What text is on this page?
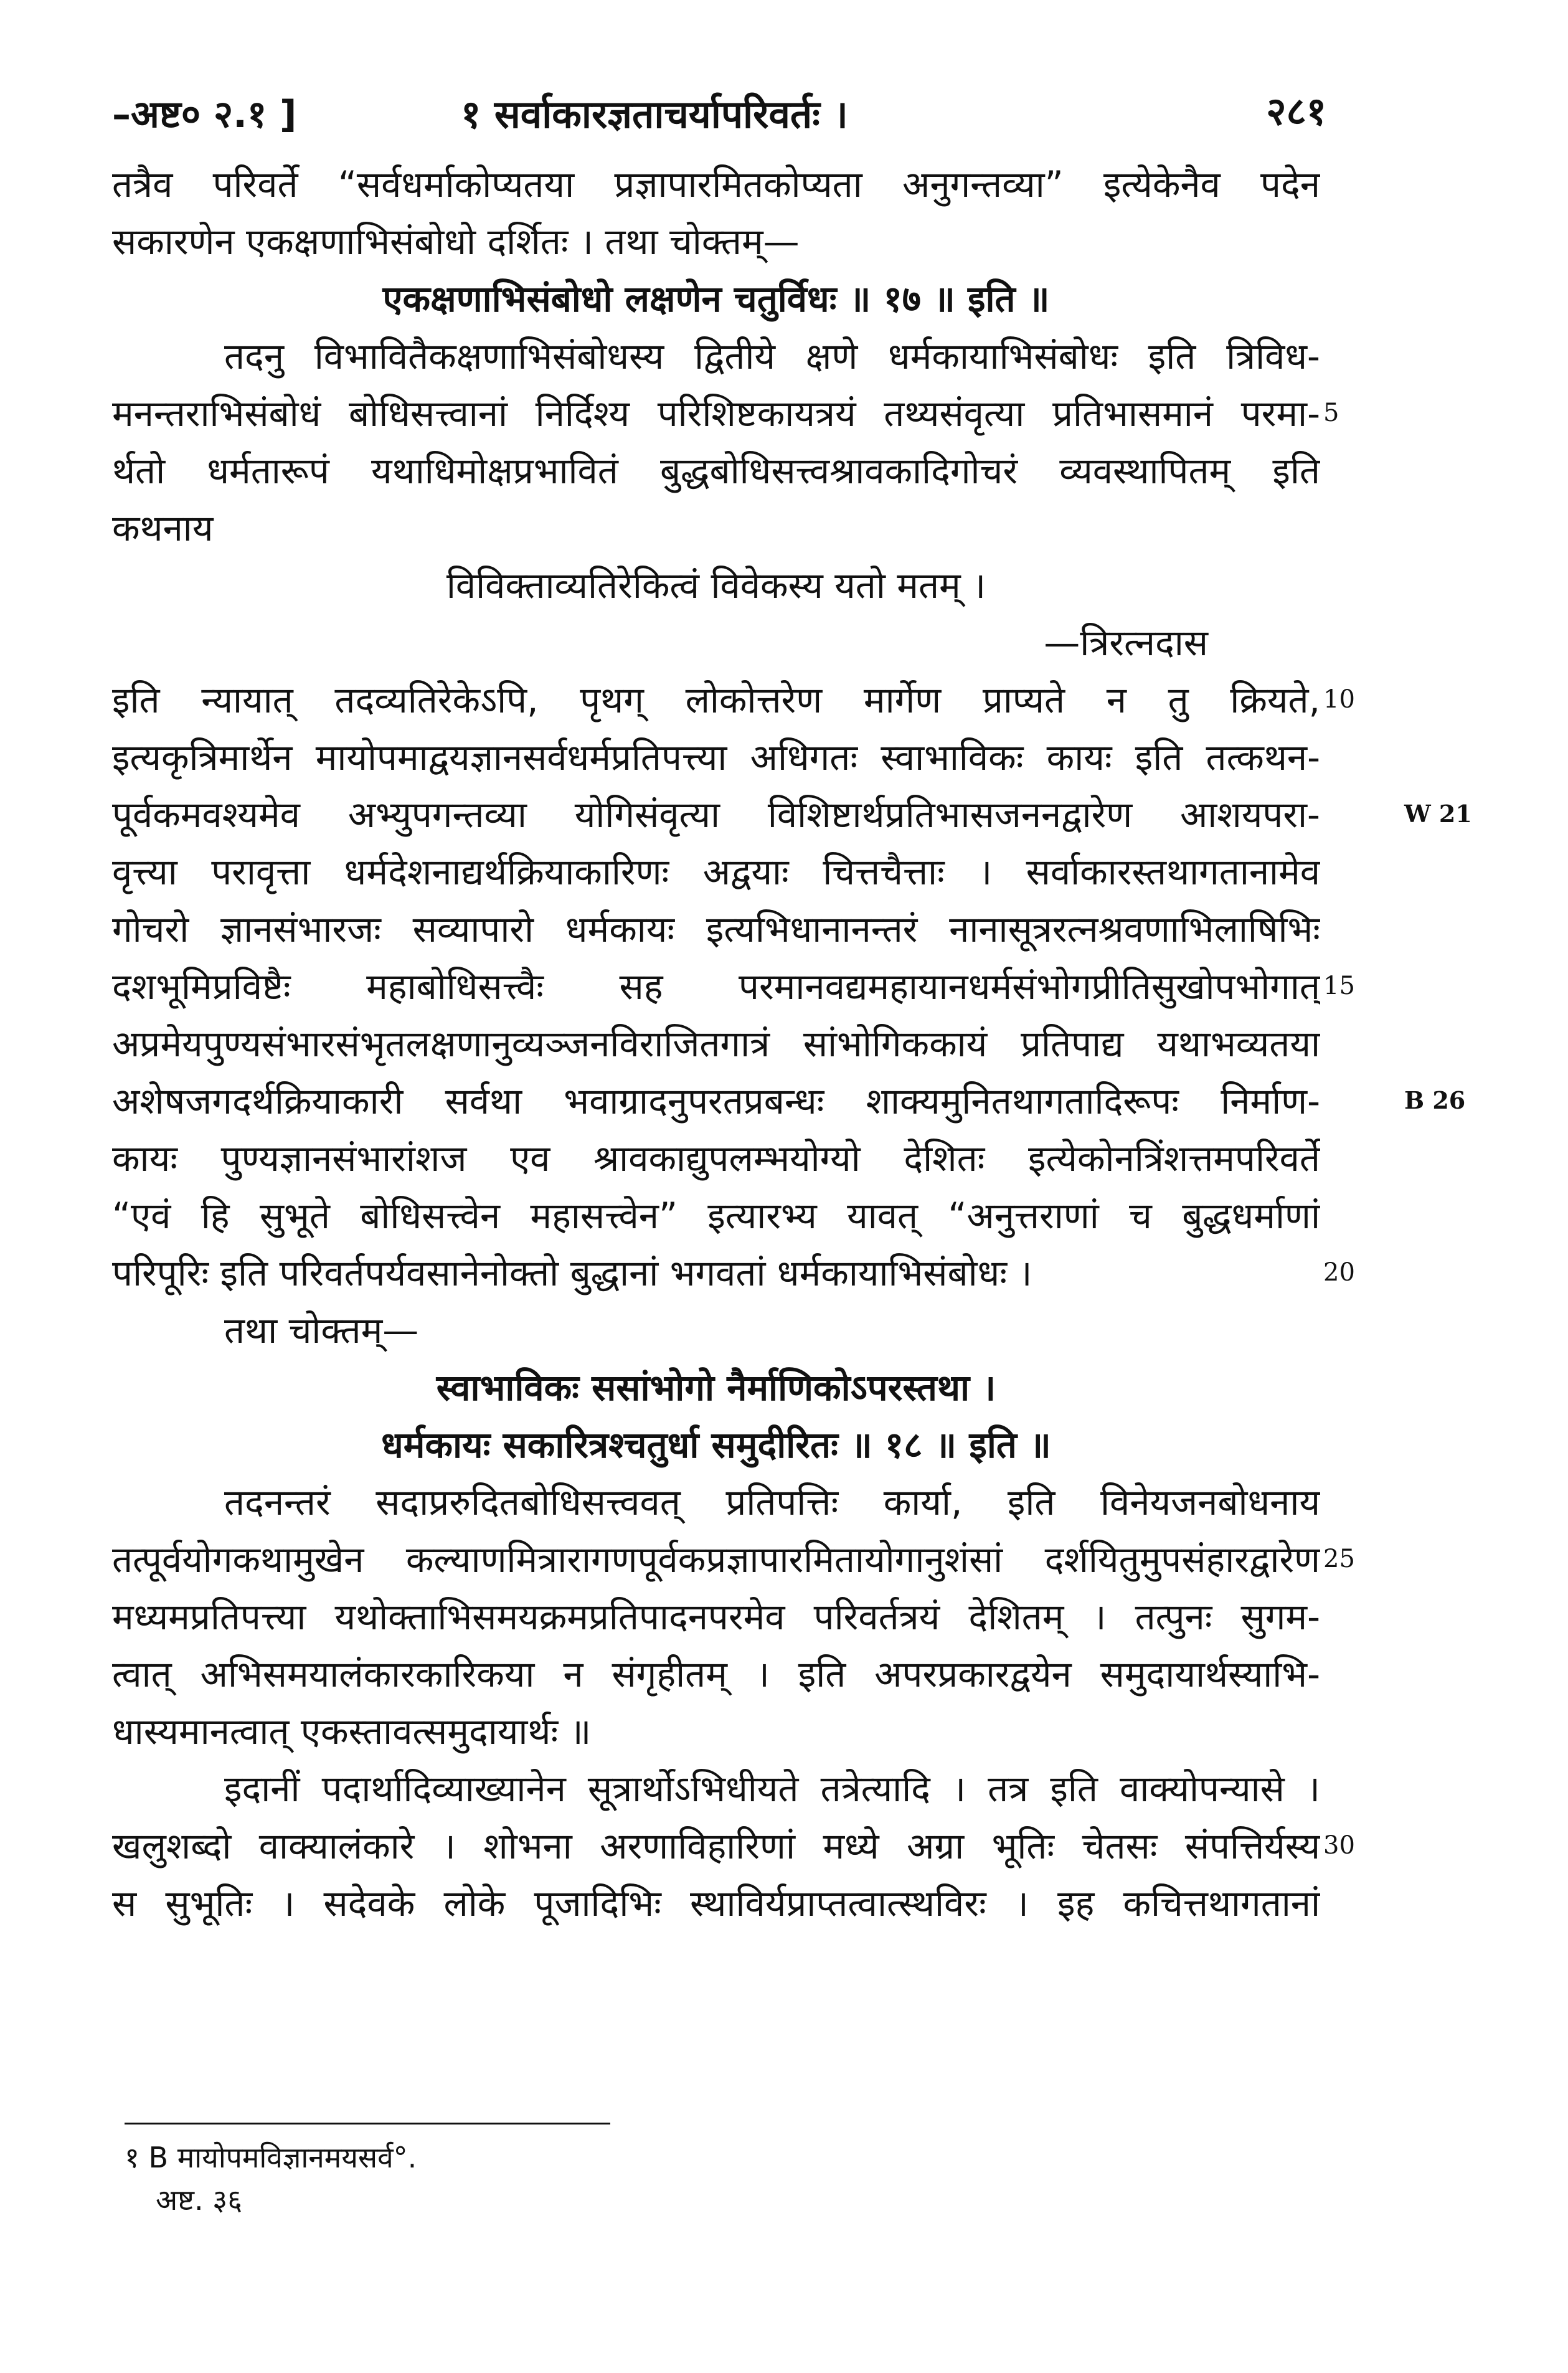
–अष्ट० २.१ ]	१ सर्वाकारज्ञताचर्यापरिवर्तः ।	२८१
तत्रैव परिवर्ते “सर्वधर्माकोप्यतया प्रज्ञापारमितकोप्यता अनुगन्तव्या” इत्येकेनैव पदेन
सकारणेन एकक्षणाभिसंबोधो दर्शितः । तथा चोक्तम्—
एकक्षणाभिसंबोधो लक्षणेन चतुर्विधः ॥ १७ ॥ इति ॥
तदनु विभावितैकक्षणाभिसंबोधस्य द्वितीये क्षणे धर्मकायाभिसंबोधः इति त्रिविध-
मनन्तराभिसंबोधं बोधिसत्त्वानां निर्दिश्य परिशिष्टकायत्रयं तथ्यसंवृत्या प्रतिभासमानं परमा-
र्थतो धर्मतारूपं यथाधिमोक्षप्रभावितं बुद्धबोधिसत्त्वश्रावकादिगोचरं व्यवस्थापितम् इति
कथनाय
विविक्ताव्यतिरेकित्वं विवेकस्य यतो मतम् ।
—त्रिरत्नदास
इति न्यायात् तदव्यतिरेकेऽपि, पृथग् लोकोत्तरेण मार्गेण प्राप्यते न तु क्रियते,
इत्यकृत्रिमार्थेन मायोपमाद्वयज्ञानसर्वधर्मप्रतिपत्त्या अधिगतः स्वाभाविकः कायः इति तत्कथन-
पूर्वकमवश्यमेव अभ्युपगन्तव्या योगिसंवृत्या विशिष्टार्थप्रतिभासजननद्वारेण आशयपरा-
वृत्त्या परावृत्ता धर्मदेशनाद्यर्थक्रियाकारिणः अद्वयाः चित्तचैत्ताः । सर्वाकारस्तथागतानामेव
गोचरो ज्ञानसंभारजः सव्यापारो धर्मकायः इत्यभिधानानन्तरं नानासूत्ररत्नश्रवणाभिलाषिभिः
दशभूमिप्रविष्टैः महाबोधिसत्त्वैः सह परमानवद्यमहायानधर्मसंभोगप्रीतिसुखोपभोगात्
अप्रमेयपुण्यसंभारसंभृतलक्षणानुव्यञ्जनविराजितगात्रं सांभोगिककायं प्रतिपाद्य यथाभव्यतया
अशेषजगदर्थक्रियाकारी सर्वथा भवाग्रादनुपरतप्रबन्धः शाक्यमुनितथागतादिरूपः निर्माण-
कायः पुण्यज्ञानसंभारांशज एव श्रावकाद्युपलम्भयोग्यो देशितः इत्येकोनत्रिंशत्तमपरिवर्ते
“एवं हि सुभूते बोधिसत्त्वेन महासत्त्वेन” इत्यारभ्य यावत् “अनुत्तराणां च बुद्धधर्माणां
परिपूरिः इति परिवर्तपर्यवसानेनोक्तो बुद्धानां भगवतां धर्मकायाभिसंबोधः ।
तथा चोक्तम्—
स्वाभाविकः ससांभोगो नैर्माणिकोऽपरस्तथा ।
धर्मकायः सकारित्रश्चतुर्धा समुदीरितः ॥ १८ ॥ इति ॥
तदनन्तरं सदाप्ररुदितबोधिसत्त्ववत् प्रतिपत्तिः कार्या, इति विनेयजनबोधनाय
तत्पूर्वयोगकथामुखेन कल्याणमित्रारागणपूर्वकप्रज्ञापारमितायोगानुशंसां दर्शयितुमुपसंहारद्वारेण
मध्यमप्रतिपत्त्या यथोक्ताभिसमयक्रमप्रतिपादनपरमेव परिवर्तत्रयं देशितम् । तत्पुनः सुगम-
त्वात् अभिसमयालंकारकारिकया न संगृहीतम् । इति अपरप्रकारद्वयेन समुदायार्थस्याभि-
धास्यमानत्वात् एकस्तावत्समुदायार्थः ॥
इदानीं पदार्थादिव्याख्यानेन सूत्रार्थोऽभिधीयते तत्रेत्यादि । तत्र इति वाक्योपन्यासे ।
खलुशब्दो वाक्यालंकारे । शोभना अरणाविहारिणां मध्ये अग्रा भूतिः चेतसः संपत्तिर्यस्य
स सुभूतिः । सदेवके लोके पूजादिभिः स्थाविर्यप्राप्तत्वात्स्थविरः । इह कचित्तथागतानां
5
10
15
20
25
30
W 21
B 26
१ B मायोपमविज्ञानमयसर्व°.
अष्ट. ३६
